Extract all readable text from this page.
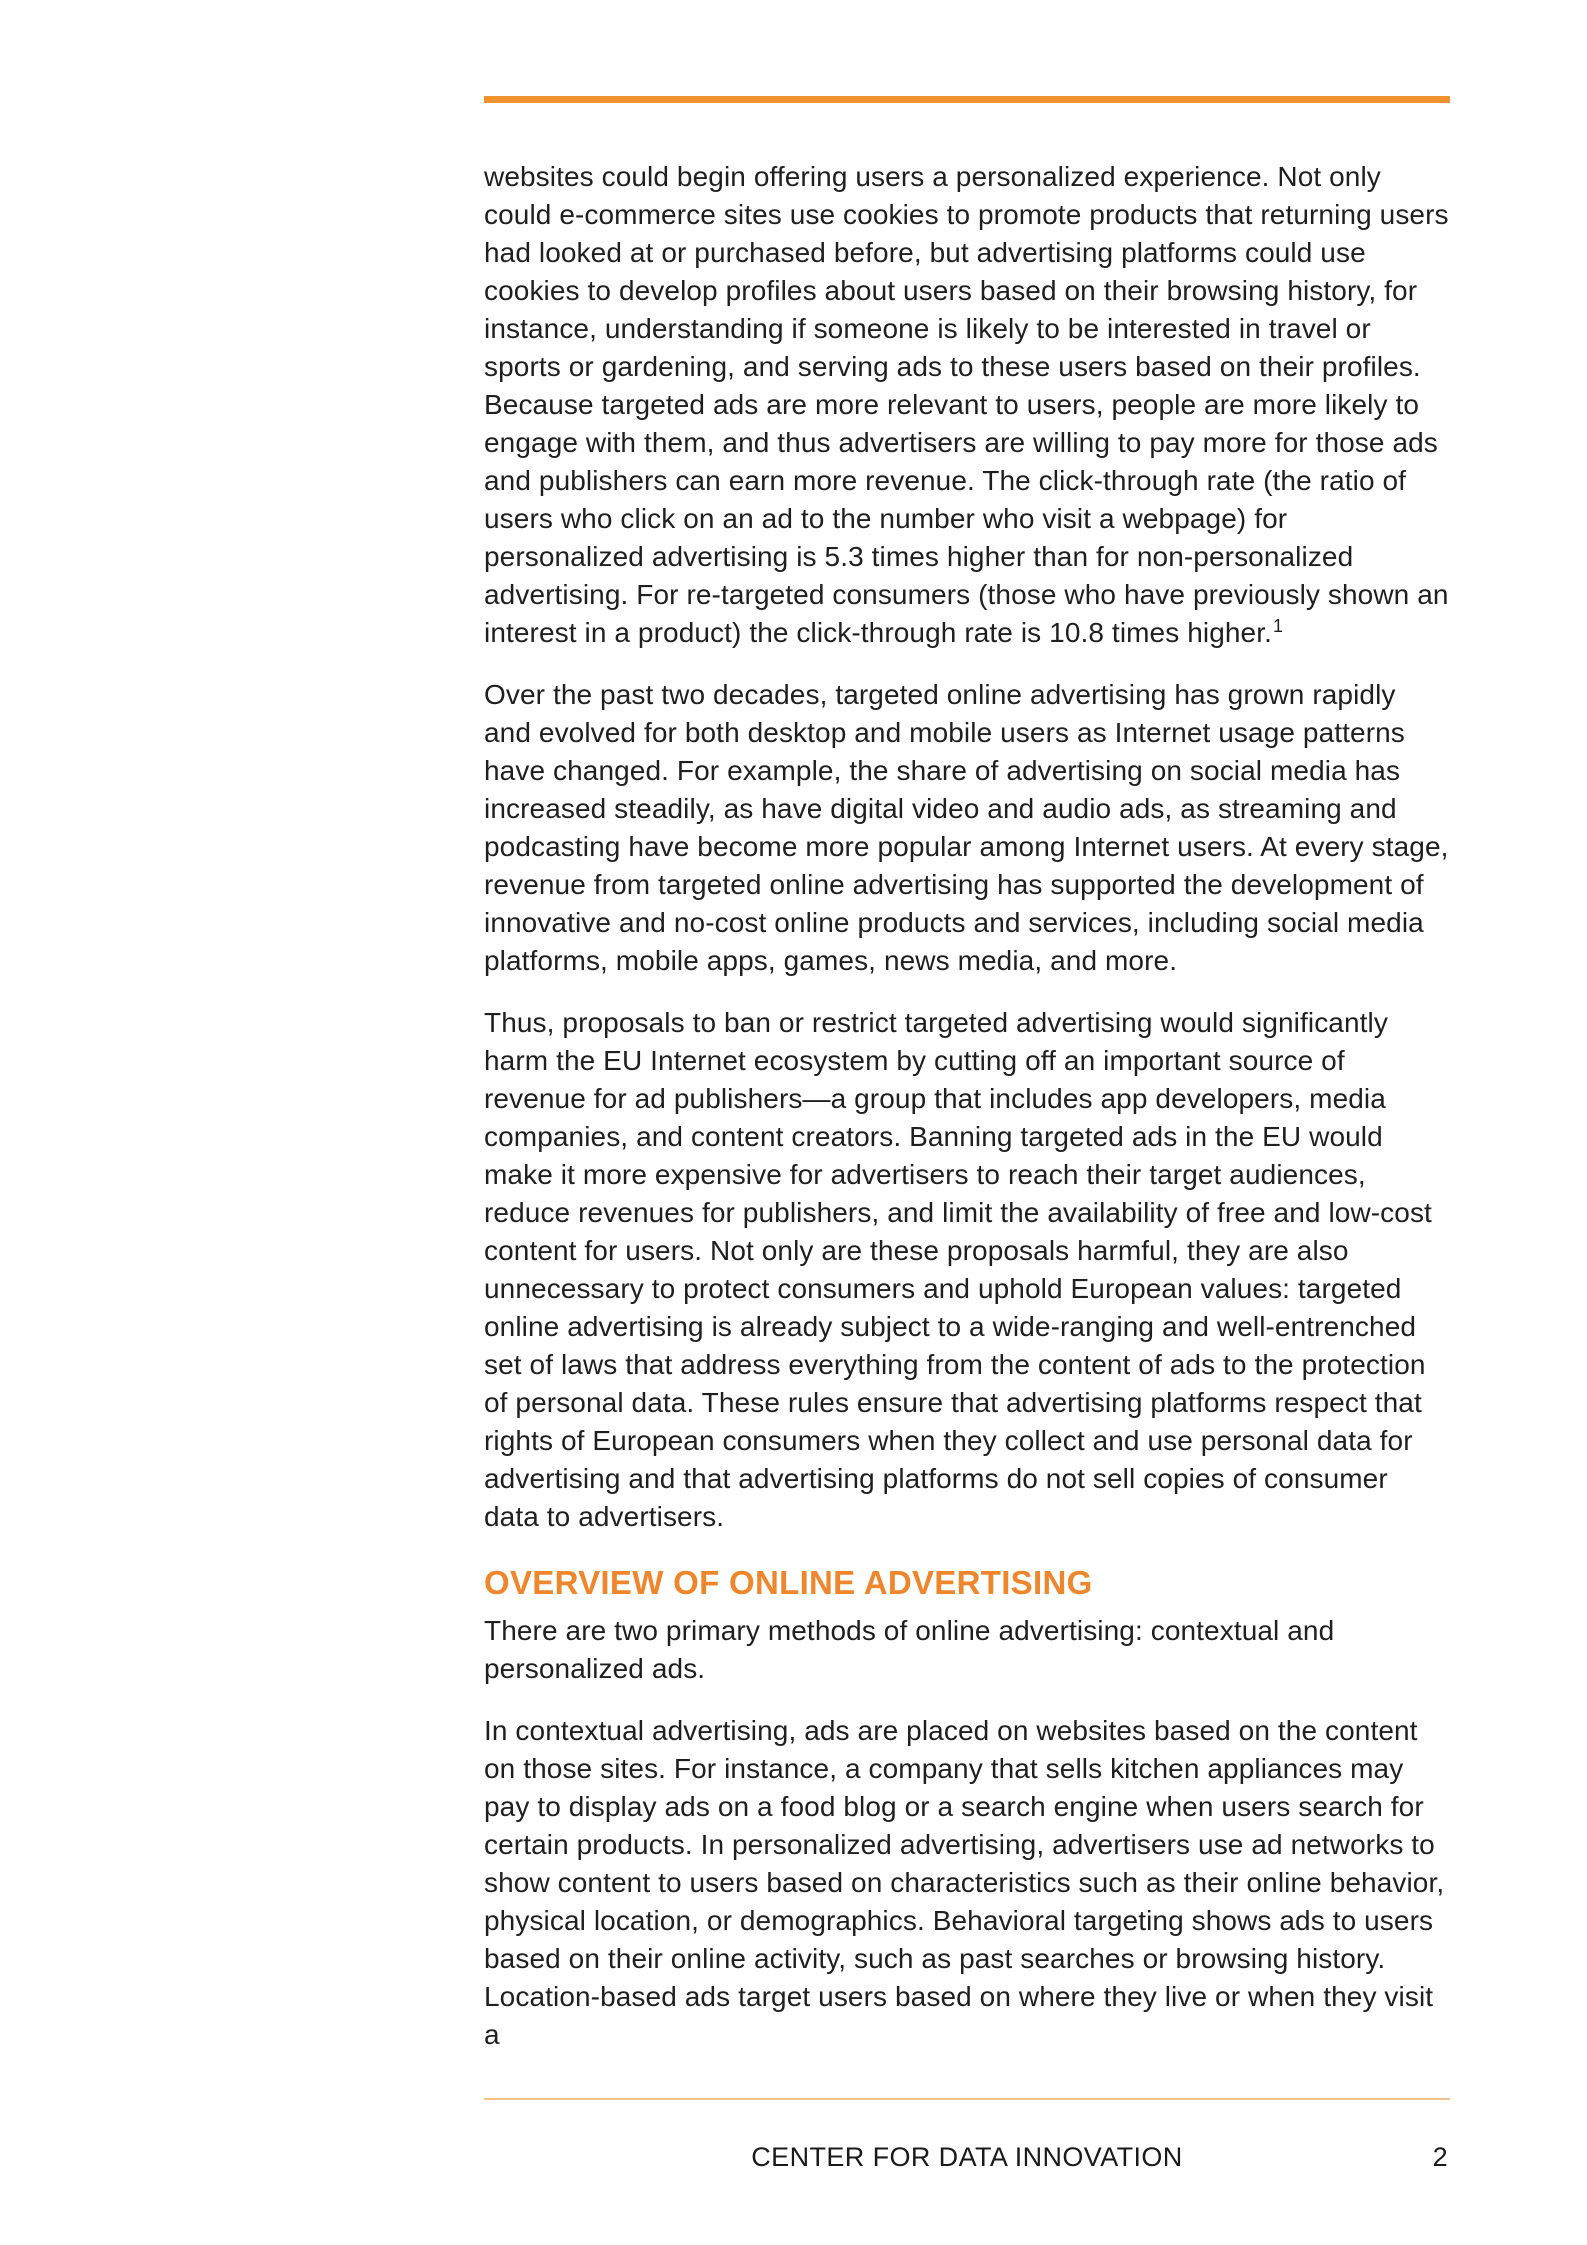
websites could begin offering users a personalized experience. Not only could e-commerce sites use cookies to promote products that returning users had looked at or purchased before, but advertising platforms could use cookies to develop profiles about users based on their browsing history, for instance, understanding if someone is likely to be interested in travel or sports or gardening, and serving ads to these users based on their profiles. Because targeted ads are more relevant to users, people are more likely to engage with them, and thus advertisers are willing to pay more for those ads and publishers can earn more revenue. The click-through rate (the ratio of users who click on an ad to the number who visit a webpage) for personalized advertising is 5.3 times higher than for non-personalized advertising. For re-targeted consumers (those who have previously shown an interest in a product) the click-through rate is 10.8 times higher.$^1$

Over the past two decades, targeted online advertising has grown rapidly and evolved for both desktop and mobile users as Internet usage patterns have changed. For example, the share of advertising on social media has increased steadily, as have digital video and audio ads, as streaming and podcasting have become more popular among Internet users. At every stage, revenue from targeted online advertising has supported the development of innovative and no-cost online products and services, including social media platforms, mobile apps, games, news media, and more.

Thus, proposals to ban or restrict targeted advertising would significantly harm the EU Internet ecosystem by cutting off an important source of revenue for ad publishers—a group that includes app developers, media companies, and content creators. Banning targeted ads in the EU would make it more expensive for advertisers to reach their target audiences, reduce revenues for publishers, and limit the availability of free and low-cost content for users. Not only are these proposals harmful, they are also unnecessary to protect consumers and uphold European values: targeted online advertising is already subject to a wide-ranging and well-entrenched set of laws that address everything from the content of ads to the protection of personal data. These rules ensure that advertising platforms respect that rights of European consumers when they collect and use personal data for advertising and that advertising platforms do not sell copies of consumer data to advertisers.

OVERVIEW OF ONLINE ADVERTISING

There are two primary methods of online advertising: contextual and personalized ads.

In contextual advertising, ads are placed on websites based on the content on those sites. For instance, a company that sells kitchen appliances may pay to display ads on a food blog or a search engine when users search for certain products. In personalized advertising, advertisers use ad networks to show content to users based on characteristics such as their online behavior, physical location, or demographics. Behavioral targeting shows ads to users based on their online activity, such as past searches or browsing history. Location-based ads target users based on where they live or when they visit a

CENTER FOR DATA INNOVATION	2
